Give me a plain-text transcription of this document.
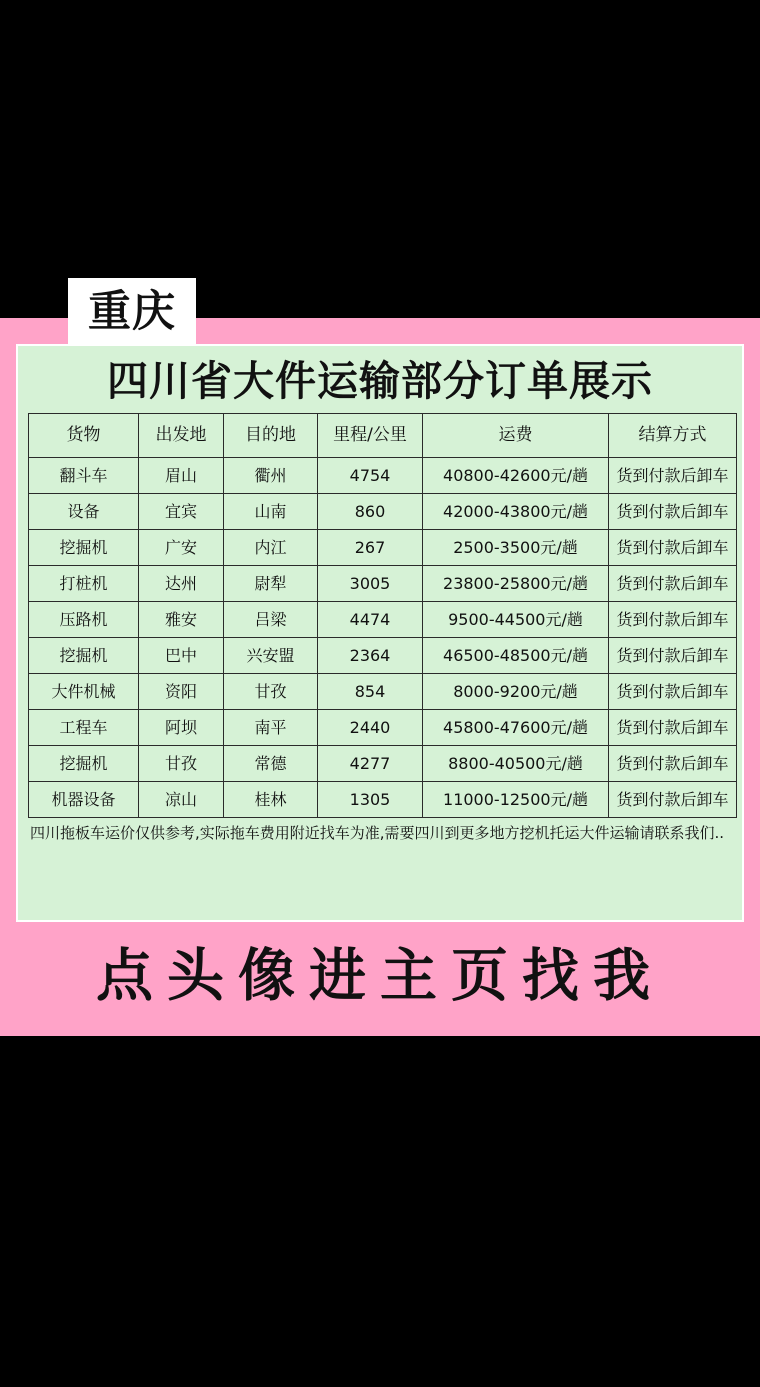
重庆
四川省大件运输部分订单展示
货物	出发地	目的地	里程/公里	运费	结算方式
翻斗车	眉山	衢州	4754	40800-42600元/趟	货到付款后卸车
设备	宜宾	山南	860	42000-43800元/趟	货到付款后卸车
挖掘机	广安	内江	267	2500-3500元/趟	货到付款后卸车
打桩机	达州	尉犁	3005	23800-25800元/趟	货到付款后卸车
压路机	雅安	吕梁	4474	9500-44500元/趟	货到付款后卸车
挖掘机	巴中	兴安盟	2364	46500-48500元/趟	货到付款后卸车
大件机械	资阳	甘孜	854	8000-9200元/趟	货到付款后卸车
工程车	阿坝	南平	2440	45800-47600元/趟	货到付款后卸车
挖掘机	甘孜	常德	4277	8800-40500元/趟	货到付款后卸车
机器设备	凉山	桂林	1305	11000-12500元/趟	货到付款后卸车
四川拖板车运价仅供参考,实际拖车费用附近找车为准,需要四川到更多地方挖机托运大件运输请联系我们..
点头像进主页找我
